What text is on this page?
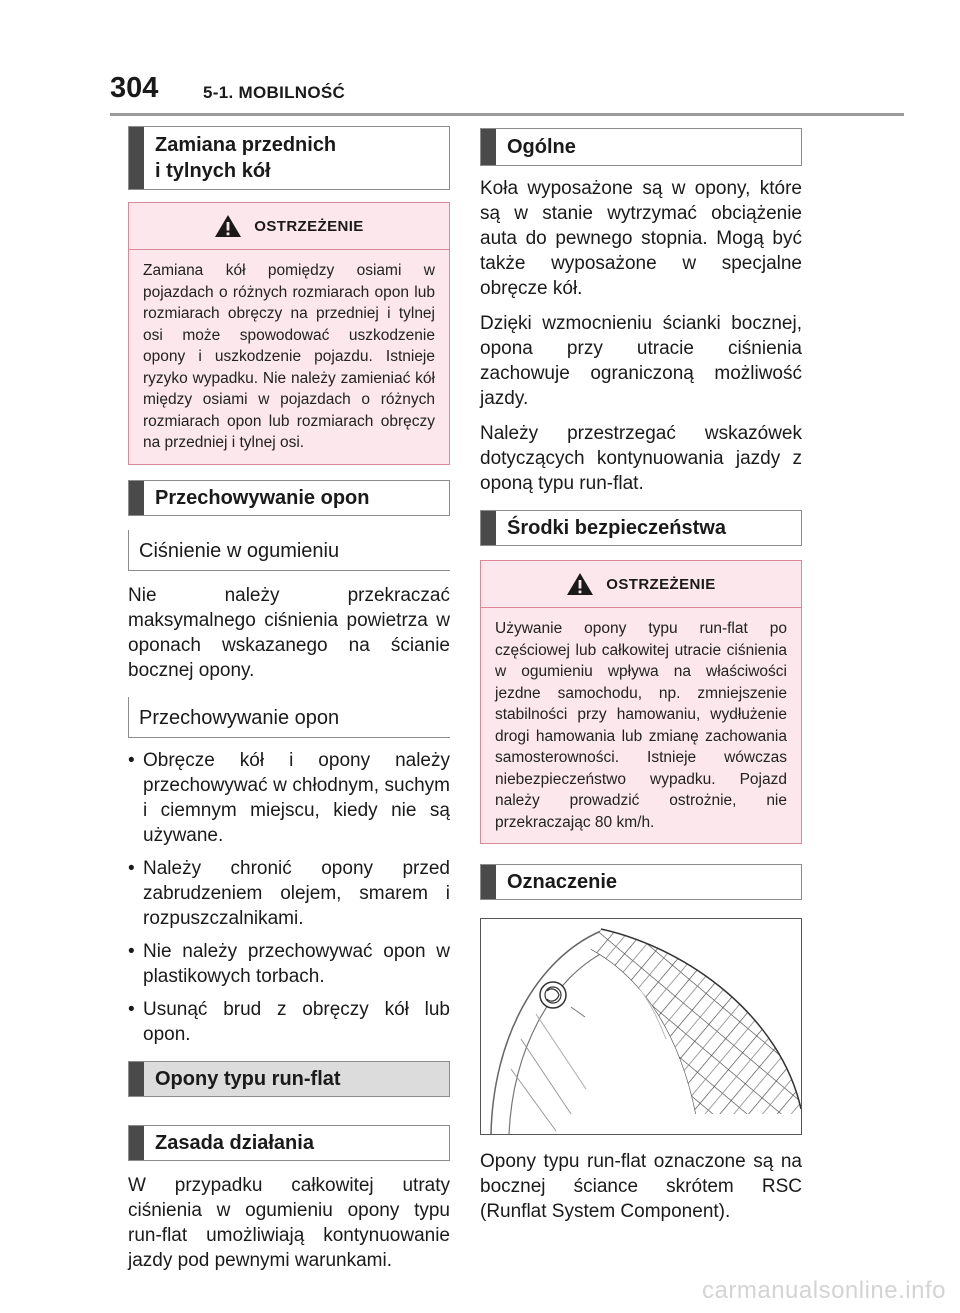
304	5-1. MOBILNOŚĆ
Zamiana przednich
i tylnych kół
OSTRZEŻENIE
Zamiana kół pomiędzy osiami w pojazdach o różnych rozmiarach opon lub rozmiarach obręczy na przedniej i tylnej osi może spowodować uszkodzenie opony i uszkodzenie pojazdu. Istnieje ryzyko wypadku. Nie należy zamieniać kół między osiami w pojazdach o różnych rozmiarach opon lub rozmiarach obręczy na przedniej i tylnej osi.
Przechowywanie opon
Ciśnienie w ogumieniu

Nie należy przekraczać maksymalnego ciśnienia powietrza w oponach wskazanego na ścianie bocznej opony.

Przechowywanie opon
• Obręcze kół i opony należy przechowywać w chłodnym, suchym i ciemnym miejscu, kiedy nie są używane.
• Należy chronić opony przed zabrudzeniem olejem, smarem i rozpuszczalnikami.
• Nie należy przechowywać opon w plastikowych torbach.
• Usunąć brud z obręczy kół lub opon.
Opony typu run-flat
Zasada działania

W przypadku całkowitej utraty ciśnienia w ogumieniu opony typu run-flat umożliwiają kontynuowanie jazdy pod pewnymi warunkami.

Ogólne

Koła wyposażone są w opony, które są w stanie wytrzymać obciążenie auta do pewnego stopnia. Mogą być także wyposażone w specjalne obręcze kół.

Dzięki wzmocnieniu ścianki bocznej, opona przy utracie ciśnienia zachowuje ograniczoną możliwość jazdy.

Należy przestrzegać wskazówek dotyczących kontynuowania jazdy z oponą typu run-flat.

Środki bezpieczeństwa
OSTRZEŻENIE
Używanie opony typu run-flat po częściowej lub całkowitej utracie ciśnienia w ogumieniu wpływa na właściwości jezdne samochodu, np. zmniejszenie stabilności przy hamowaniu, wydłużenie drogi hamowania lub zmianę zachowania samosterowności. Istnieje wówczas niebezpieczeństwo wypadku. Pojazd należy prowadzić ostrożnie, nie przekraczając 80 km/h.
Oznaczenie

Opony typu run-flat oznaczone są na bocznej ściance skrótem RSC (Runflat System Component).

carmanualsonline.info
